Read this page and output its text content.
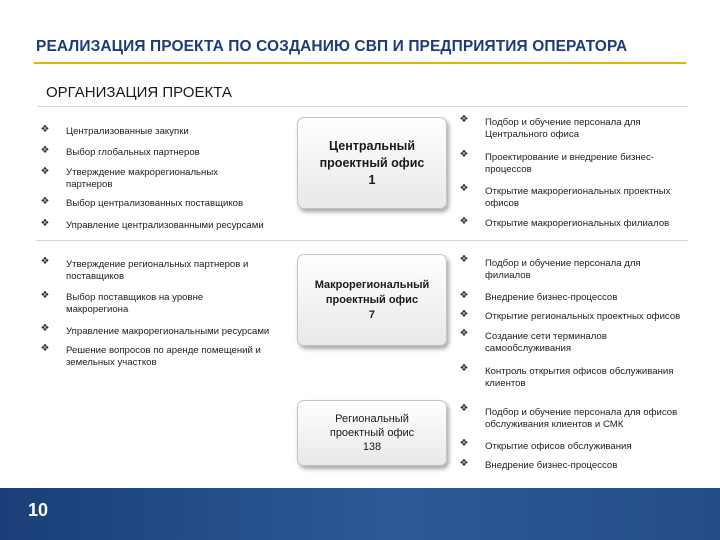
РЕАЛИЗАЦИЯ ПРОЕКТА ПО СОЗДАНИЮ СВП И ПРЕДПРИЯТИЯ ОПЕРАТОРА
ОРГАНИЗАЦИЯ ПРОЕКТА
Центральный
проектный офис
1
Макрорегиональный
проектный офис
7
Региональный
проектный офис
138
❖ Централизованные закупки
❖ Выбор глобальных партнеров
❖ Утверждение макрорегиональных партнеров
❖ Выбор централизованных поставщиков
❖ Управление централизованными ресурсами
❖ Подбор и обучение персонала для Центрального офиса
❖ Проектирование и внедрение бизнес-процессов
❖ Открытие макрорегиональных проектных офисов
❖ Открытие макрорегиональных филиалов
❖ Утверждение региональных партнеров и поставщиков
❖ Выбор поставщиков на уровне макрорегиона
❖ Управление макрорегиональными ресурсами
❖ Решение вопросов по аренде помещений и земельных участков
❖ Подбор и обучение персонала для филиалов
❖ Внедрение бизнес-процессов
❖ Открытие региональных проектных офисов
❖ Создание сети терминалов самообслуживания
❖ Контроль открытия офисов обслуживания клиентов
❖ Подбор и обучение персонала для офисов обслуживания клиентов и СМК
❖ Открытие офисов обслуживания
❖ Внедрение бизнес-процессов
10
